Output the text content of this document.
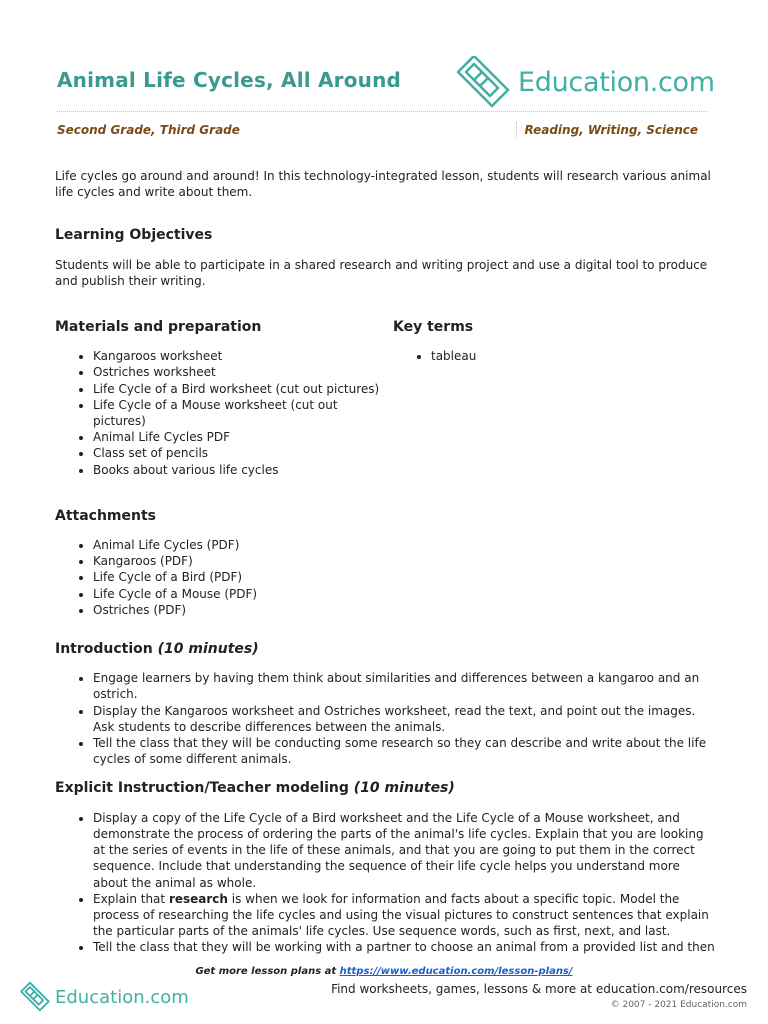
Animal Life Cycles, All Around	Education.com
Second Grade, Third Grade	Reading, Writing, Science

Life cycles go around and around! In this technology-integrated lesson, students will research various animal life cycles and write about them.

Learning Objectives

Students will be able to participate in a shared research and writing project and use a digital tool to produce and publish their writing.

Materials and preparation
• Kangaroos worksheet
• Ostriches worksheet
• Life Cycle of a Bird worksheet (cut out pictures)
• Life Cycle of a Mouse worksheet (cut out pictures)
• Animal Life Cycles PDF
• Class set of pencils
• Books about various life cycles
Key terms
• tableau
Attachments
• Animal Life Cycles (PDF)
• Kangaroos (PDF)
• Life Cycle of a Bird (PDF)
• Life Cycle of a Mouse (PDF)
• Ostriches (PDF)
Introduction (10 minutes)
• Engage learners by having them think about similarities and differences between a kangaroo and an ostrich.
• Display the Kangaroos worksheet and Ostriches worksheet, read the text, and point out the images. Ask students to describe differences between the animals.
• Tell the class that they will be conducting some research so they can describe and write about the life cycles of some different animals.
Explicit Instruction/Teacher modeling (10 minutes)
• Display a copy of the Life Cycle of a Bird worksheet and the Life Cycle of a Mouse worksheet, and demonstrate the process of ordering the parts of the animal's life cycles. Explain that you are looking at the series of events in the life of these animals, and that you are going to put them in the correct sequence. Include that understanding the sequence of their life cycle helps you understand more about the animal as whole.
• Explain that research is when we look for information and facts about a specific topic. Model the process of researching the life cycles and using the visual pictures to construct sentences that explain the particular parts of the animals' life cycles. Use sequence words, such as first, next, and last.
• Tell the class that they will be working with a partner to choose an animal from a provided list and then
Get more lesson plans at https://www.education.com/lesson-plans/
Education.com	Find worksheets, games, lessons & more at education.com/resources
© 2007 - 2021 Education.com
